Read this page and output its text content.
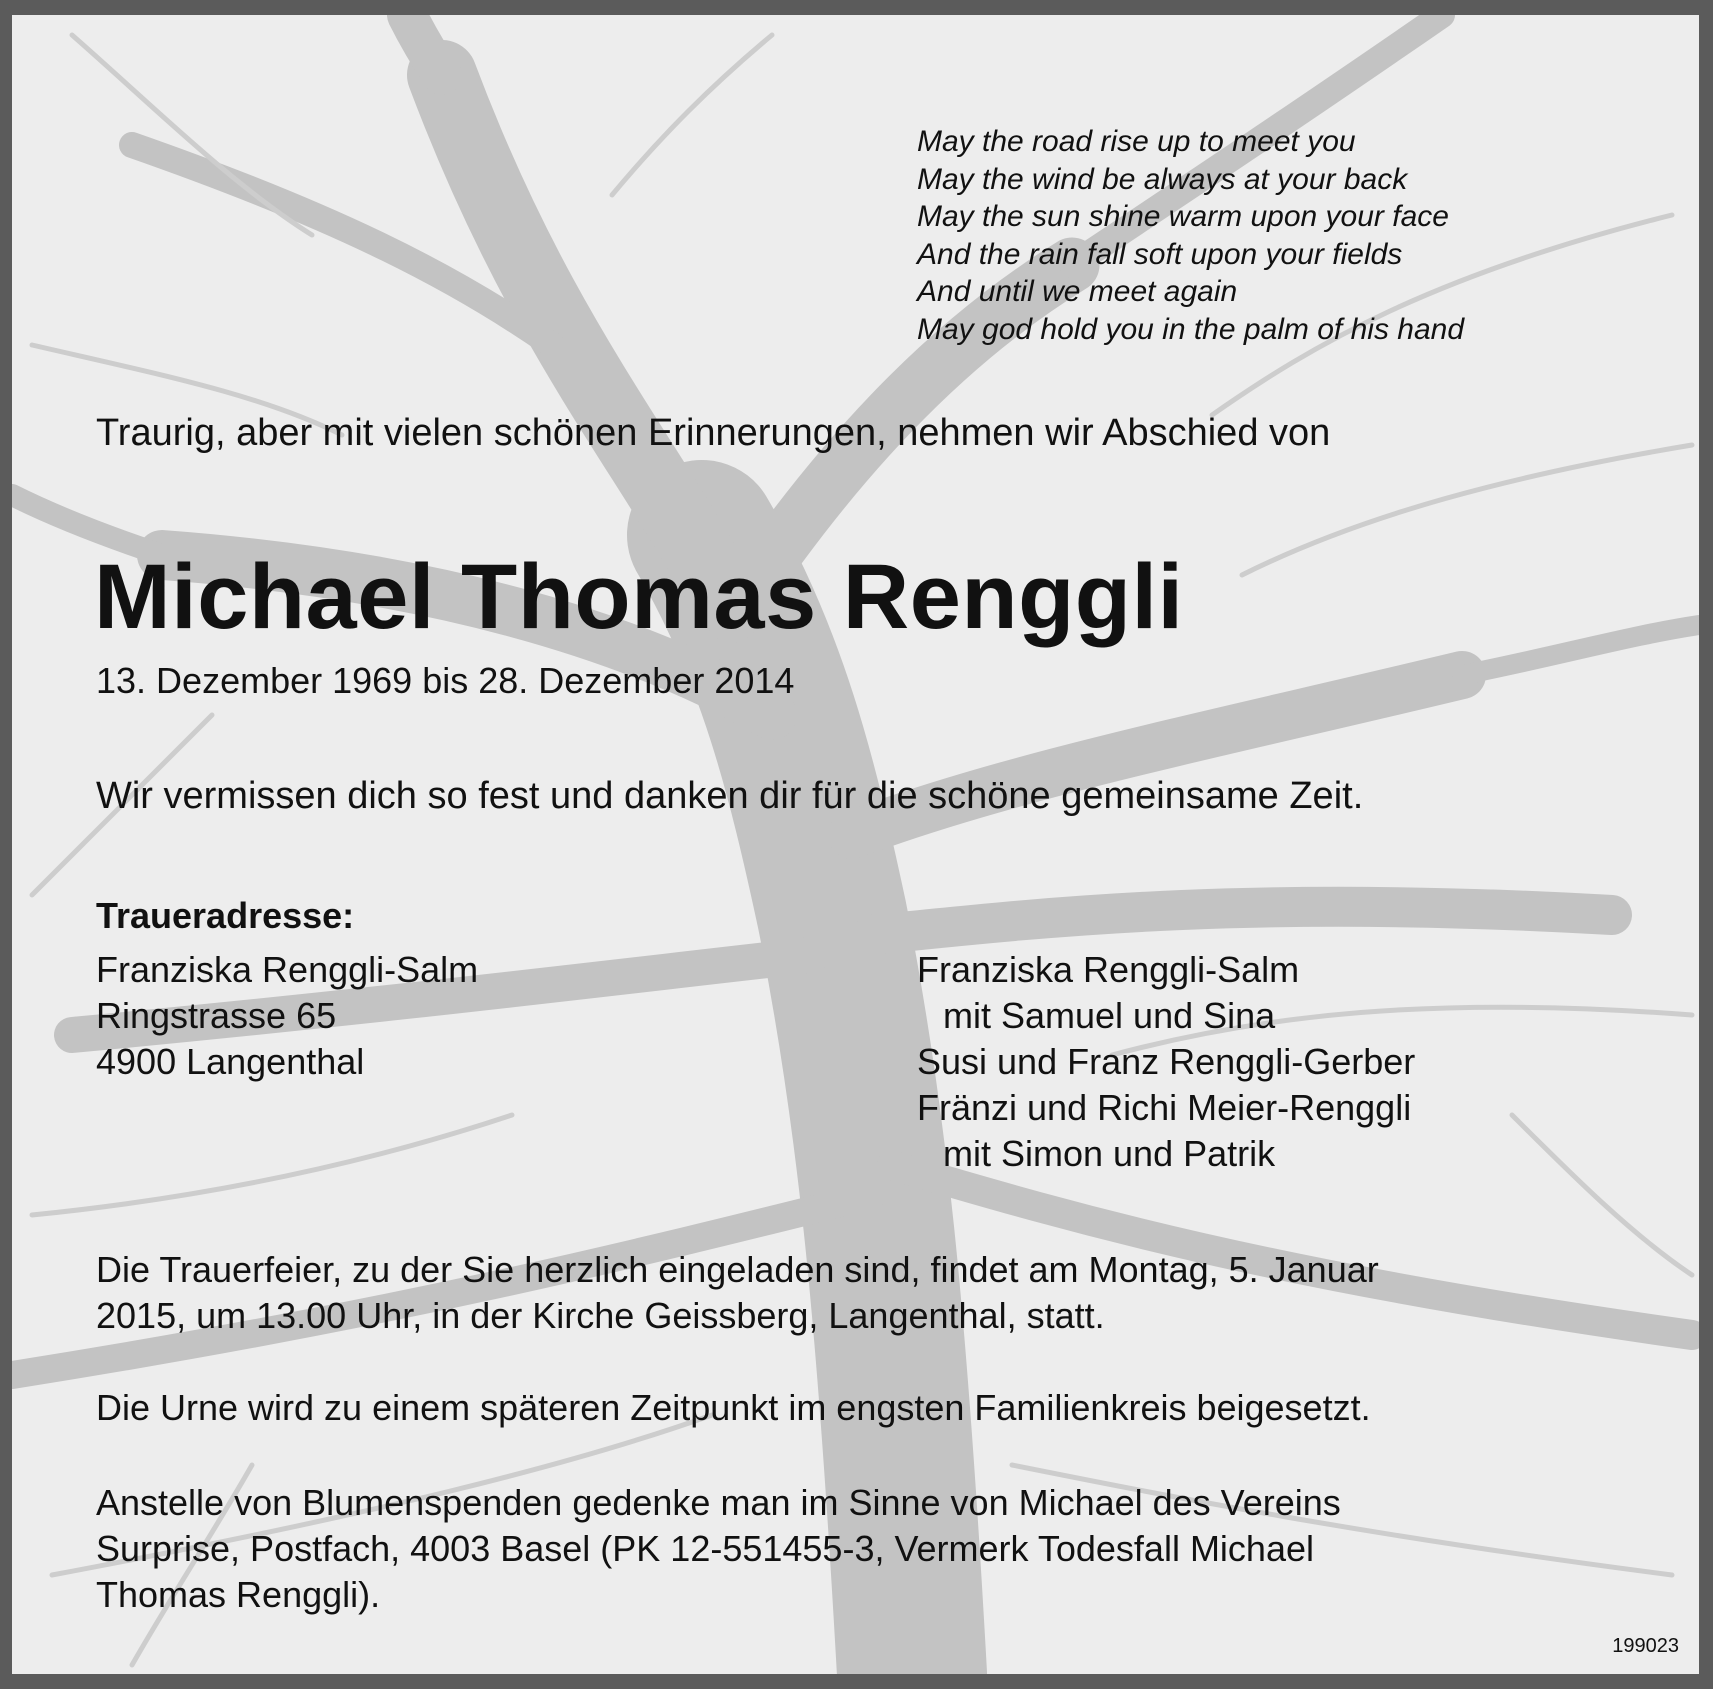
May the road rise up to meet you
May the wind be always at your back
May the sun shine warm upon your face
And the rain fall soft upon your fields
And until we meet again
May god hold you in the palm of his hand
Traurig, aber mit vielen schönen Erinnerungen, nehmen wir Abschied von
Michael Thomas Renggli
13. Dezember 1969 bis 28. Dezember 2014
Wir vermissen dich so fest und danken dir für die schöne gemeinsame Zeit.
Traueradresse:
Franziska Renggli-Salm
Ringstrasse 65
4900 Langenthal
Franziska Renggli-Salm
mit Samuel und Sina
Susi und Franz Renggli-Gerber
Fränzi und Richi Meier-Renggli
mit Simon und Patrik
Die Trauerfeier, zu der Sie herzlich eingeladen sind, findet am Montag, 5. Januar
2015, um 13.00 Uhr, in der Kirche Geissberg, Langenthal, statt.
Die Urne wird zu einem späteren Zeitpunkt im engsten Familienkreis beigesetzt.
Anstelle von Blumenspenden gedenke man im Sinne von Michael des Vereins
Surprise, Postfach, 4003 Basel (PK 12-551455-3, Vermerk Todesfall Michael
Thomas Renggli).
199023
